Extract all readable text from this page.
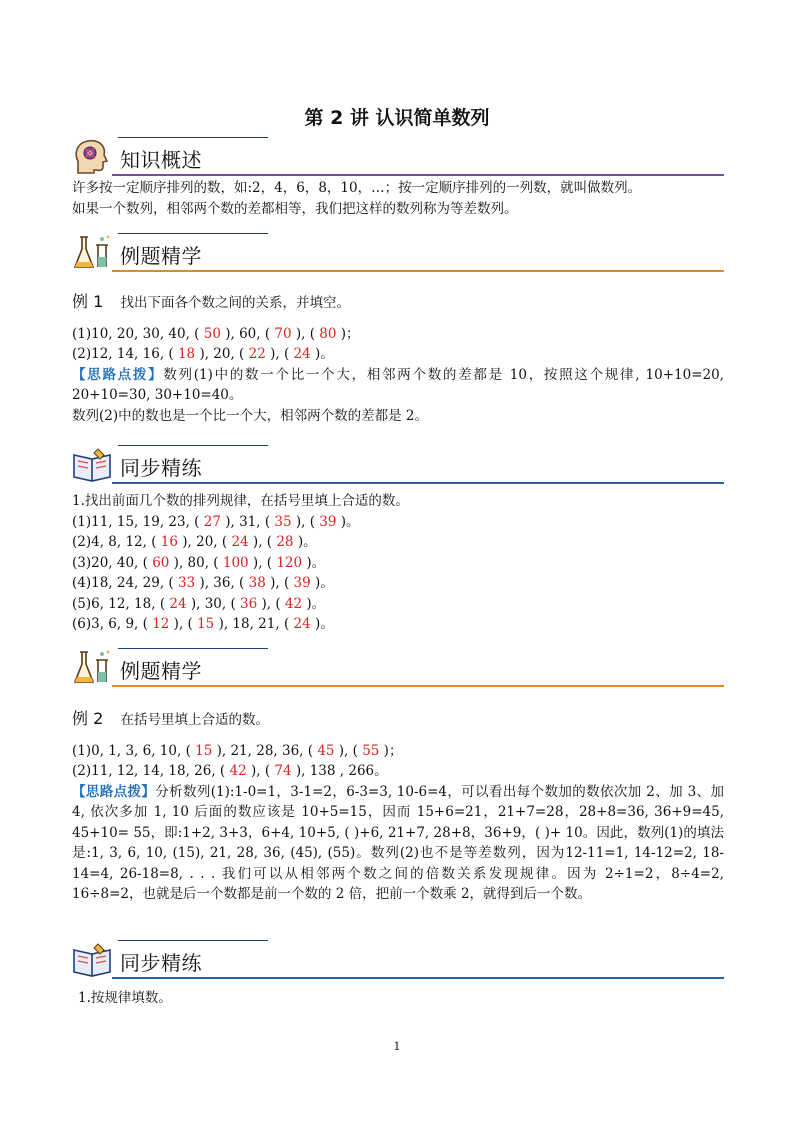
第 2 讲 认识简单数列
知识概述
许多按一定顺序排列的数，如:2，4，6，8，10，…；按一定顺序排列的一列数，就叫做数列。
如果一个数列，相邻两个数的差都相等，我们把这样的数列称为等差数列。
例题精学
例 1 找出下面各个数之间的关系，并填空。
(1)10, 20, 30, 40, ( 50 ), 60, ( 70 ), ( 80 )；
(2)12, 14, 16, ( 18 ), 20, ( 22 ), ( 24 )。
【思路点拨】数列(1)中的数一个比一个大，相邻两个数的差都是 10，按照这个规律, 10+10=20, 20+10=30, 30+10=40。
数列(2)中的数也是一个比一个大，相邻两个数的差都是 2。
同步精练
1.找出前面几个数的排列规律，在括号里填上合适的数。
(1)11, 15, 19, 23, ( 27 ), 31, ( 35 ), ( 39 )。
(2)4, 8, 12, ( 16 ), 20, ( 24 ), ( 28 )。
(3)20, 40, ( 60 ), 80, ( 100 ), ( 120 )。
(4)18, 24, 29, ( 33 ), 36, ( 38 ), ( 39 )。
(5)6, 12, 18, ( 24 ), 30, ( 36 ), ( 42 )。
(6)3, 6, 9, ( 12 ), ( 15 ), 18, 21, ( 24 )。
例题精学
例 2 在括号里填上合适的数。
(1)0, 1, 3, 6, 10, ( 15 ), 21, 28, 36, ( 45 ), ( 55 )；
(2)11, 12, 14, 18, 26, ( 42 ), ( 74 ), 138 , 266。
【思路点拨】分析数列(1):1-0=1，3-1=2，6-3=3, 10-6=4，可以看出每个数加的数依次加 2、加 3、加 4, 依次多加 1, 10 后面的数应该是 10+5=15，因而 15+6=21，21+7=28，28+8=36, 36+9=45, 45+10= 55，即:1+2, 3+3，6+4, 10+5, ( )+6, 21+7, 28+8，36+9，( )+ 10。因此，数列(1)的填法是:1, 3, 6, 10, (15), 21, 28, 36, (45), (55)。数列(2)也不是等差数列，因为12-11=1, 14-12=2, 18-14=4, 26-18=8, . . . 我们可以从相邻两个数之间的倍数关系发现规律。因为 2÷1=2，8÷4=2, 16÷8=2，也就是后一个数都是前一个数的 2 倍，把前一个数乘 2，就得到后一个数。
同步精练
1.按规律填数。
1
